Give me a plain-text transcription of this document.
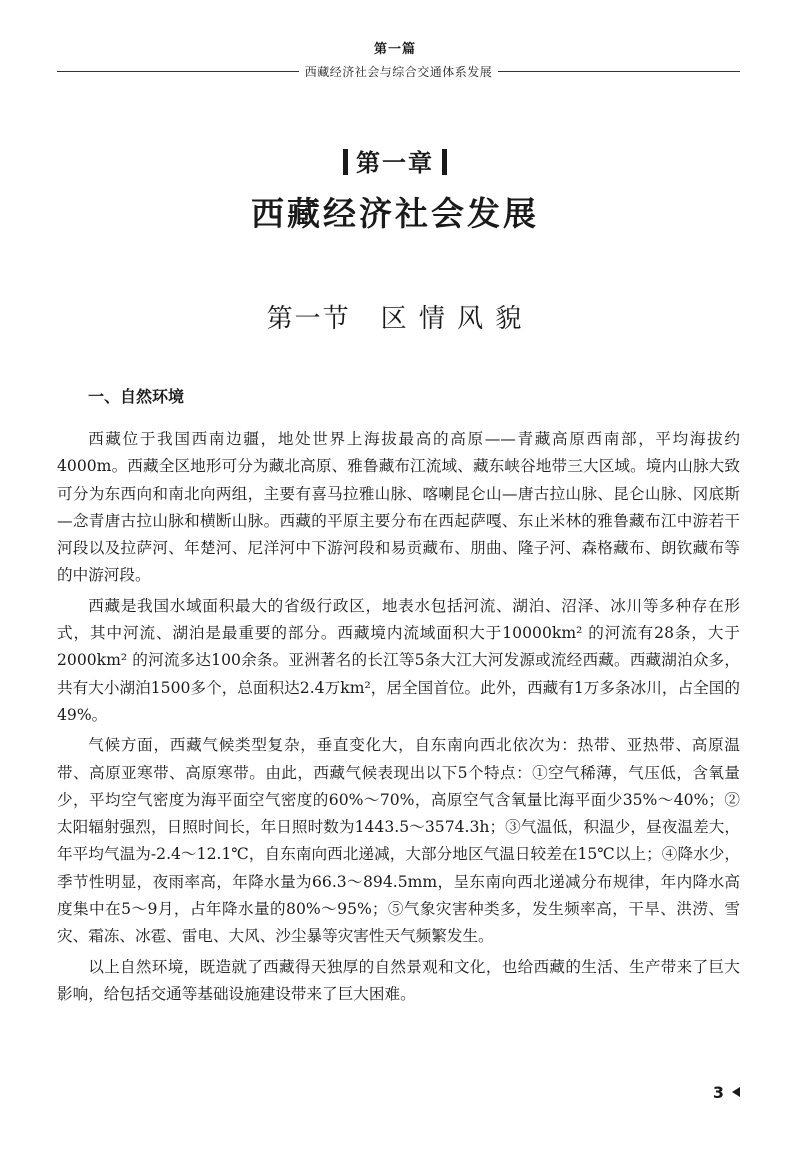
第一篇
西藏经济社会与综合交通体系发展
第一章
西藏经济社会发展
第一节 区 情 风 貌
一、自然环境

西藏位于我国西南边疆，地处世界上海拔最高的高原——青藏高原西南部，平均海拔约4000m。西藏全区地形可分为藏北高原、雅鲁藏布江流域、藏东峡谷地带三大区域。境内山脉大致可分为东西向和南北向两组，主要有喜马拉雅山脉、喀喇昆仑山—唐古拉山脉、昆仑山脉、冈底斯—念青唐古拉山脉和横断山脉。西藏的平原主要分布在西起萨嘎、东止米林的雅鲁藏布江中游若干河段以及拉萨河、年楚河、尼洋河中下游河段和易贡藏布、朋曲、隆子河、森格藏布、朗钦藏布等的中游河段。

西藏是我国水域面积最大的省级行政区，地表水包括河流、湖泊、沼泽、冰川等多种存在形式，其中河流、湖泊是最重要的部分。西藏境内流域面积大于10000km² 的河流有28条，大于2000km² 的河流多达100余条。亚洲著名的长江等5条大江大河发源或流经西藏。西藏湖泊众多，共有大小湖泊1500多个，总面积达2.4万km²，居全国首位。此外，西藏有1万多条冰川，占全国的49%。

气候方面，西藏气候类型复杂，垂直变化大，自东南向西北依次为：热带、亚热带、高原温带、高原亚寒带、高原寒带。由此，西藏气候表现出以下5个特点：①空气稀薄，气压低，含氧量少，平均空气密度为海平面空气密度的60%～70%，高原空气含氧量比海平面少35%～40%；②太阳辐射强烈，日照时间长，年日照时数为1443.5～3574.3h；③气温低，积温少，昼夜温差大，年平均气温为-2.4～12.1℃，自东南向西北递减，大部分地区气温日较差在15℃以上；④降水少，季节性明显，夜雨率高，年降水量为66.3～894.5mm，呈东南向西北递减分布规律，年内降水高度集中在5～9月，占年降水量的80%～95%；⑤气象灾害种类多，发生频率高，干旱、洪涝、雪灾、霜冻、冰雹、雷电、大风、沙尘暴等灾害性天气频繁发生。

以上自然环境，既造就了西藏得天独厚的自然景观和文化，也给西藏的生活、生产带来了巨大影响，给包括交通等基础设施建设带来了巨大困难。

3
